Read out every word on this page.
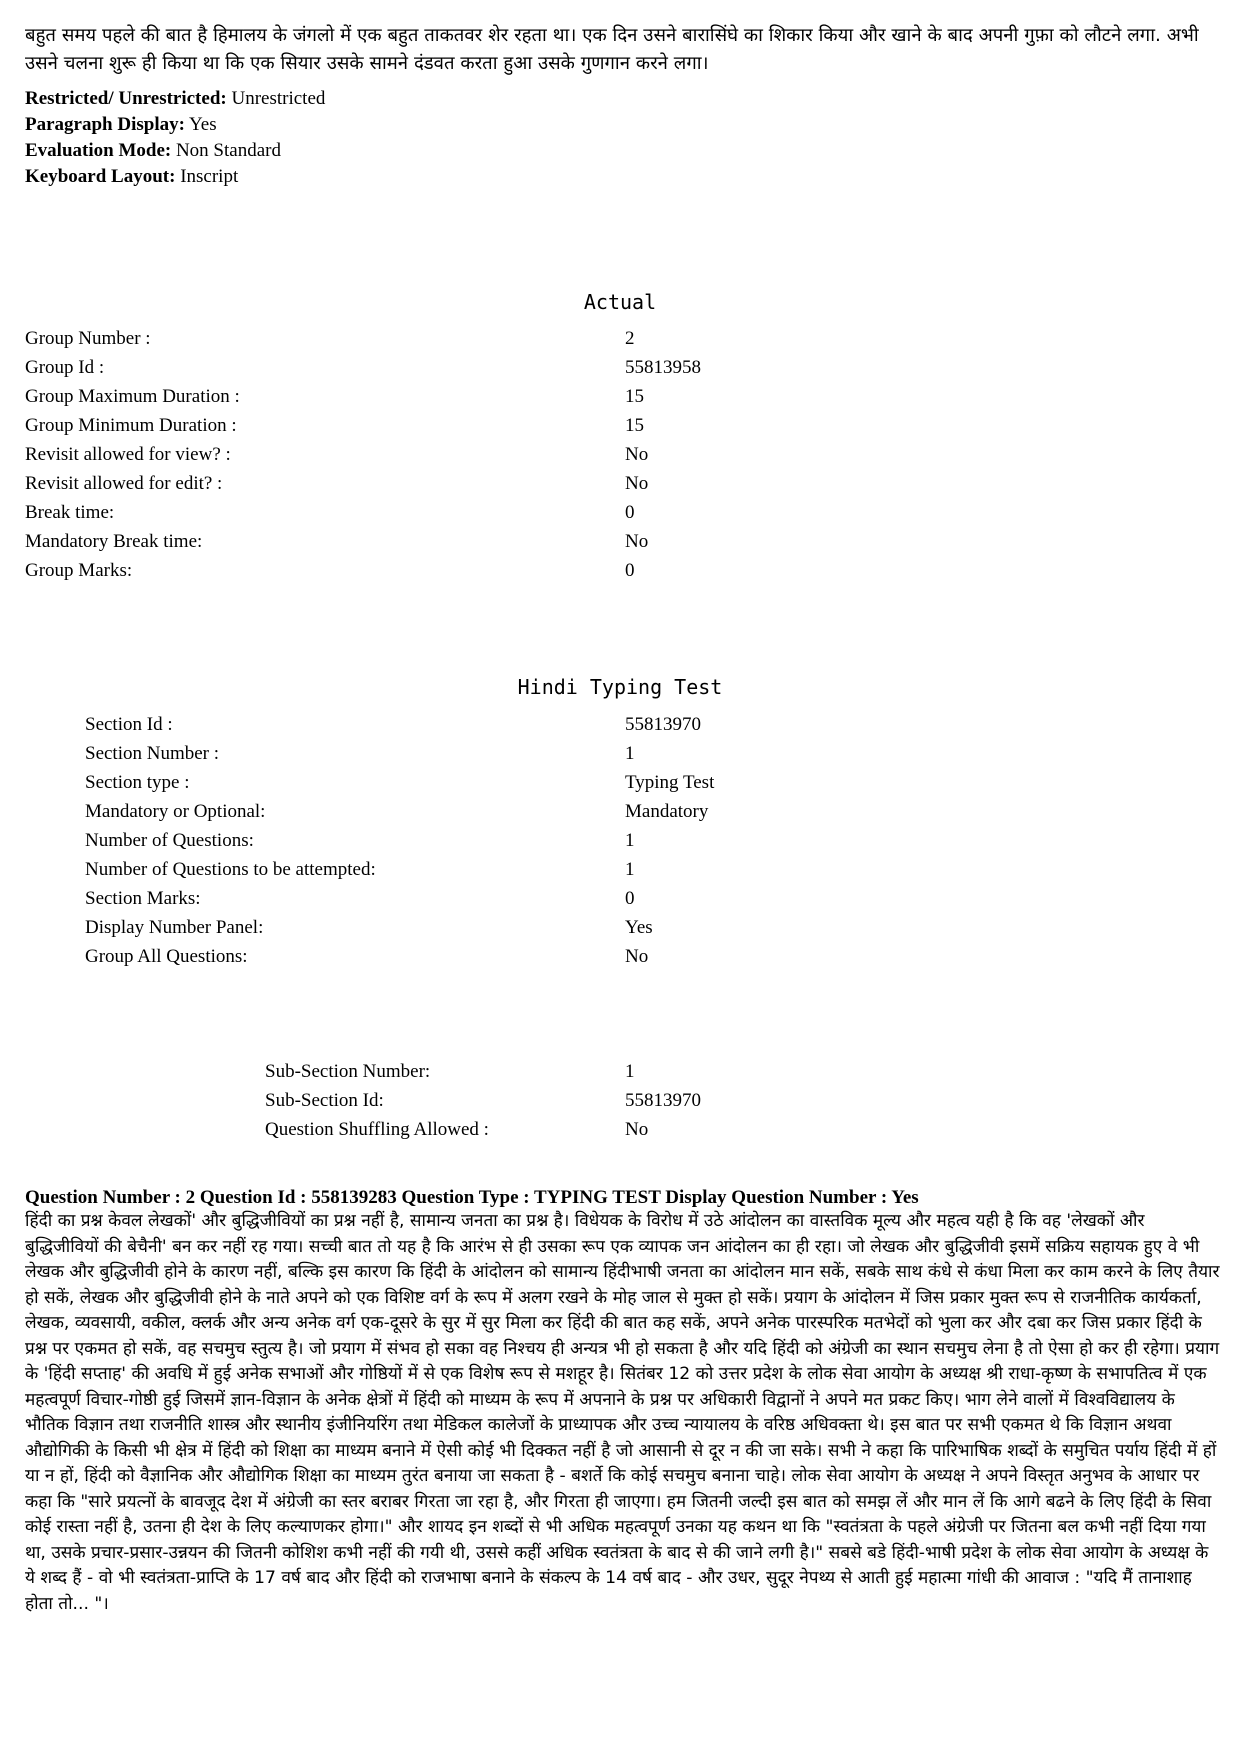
बहुत समय पहले की बात है हिमालय के जंगलो में एक बहुत ताकतवर शेर रहता था। एक दिन उसने बारासिंघे का शिकार किया और खाने के बाद अपनी गुफ़ा को लौटने लगा. अभी उसने चलना शुरू ही किया था कि एक सियार उसके सामने दंडवत करता हुआ उसके गुणगान करने लगा।

Restricted/ Unrestricted: Unrestricted
Paragraph Display: Yes
Evaluation Mode: Non Standard
Keyboard Layout: Inscript
Actual
Group Number :	2
Group Id :	55813958
Group Maximum Duration :	15
Group Minimum Duration :	15
Revisit allowed for view? :	No
Revisit allowed for edit? :	No
Break time:	0
Mandatory Break time:	No
Group Marks:	0
Hindi Typing Test
Section Id :	55813970
Section Number :	1
Section type :	Typing Test
Mandatory or Optional:	Mandatory
Number of Questions:	1
Number of Questions to be attempted:	1
Section Marks:	0
Display Number Panel:	Yes
Group All Questions:	No
Sub-Section Number:	1
Sub-Section Id:	55813970
Question Shuffling Allowed :	No
Question Number : 2 Question Id : 558139283 Question Type : TYPING TEST Display Question Number : Yes

हिंदी का प्रश्न केवल लेखकों' और बुद्धिजीवियों का प्रश्न नहीं है, सामान्य जनता का प्रश्न है। विधेयक के विरोध में उठे आंदोलन का वास्तविक मूल्य और महत्व यही है कि वह 'लेखकों और बुद्धिजीवियों की बेचैनी' बन कर नहीं रह गया। सच्ची बात तो यह है कि आरंभ से ही उसका रूप एक व्यापक जन आंदोलन का ही रहा। जो लेखक और बुद्धिजीवी इसमें सक्रिय सहायक हुए वे भी लेखक और बुद्धिजीवी होने के कारण नहीं, बल्कि इस कारण कि हिंदी के आंदोलन को सामान्य हिंदीभाषी जनता का आंदोलन मान सकें, सबके साथ कंधे से कंधा मिला कर काम करने के लिए तैयार हो सकें, लेखक और बुद्धिजीवी होने के नाते अपने को एक विशिष्ट वर्ग के रूप में अलग रखने के मोह जाल से मुक्त हो सकें। प्रयाग के आंदोलन में जिस प्रकार मुक्त रूप से राजनीतिक कार्यकर्ता, लेखक, व्यवसायी, वकील, क्लर्क और अन्य अनेक वर्ग एक-दूसरे के सुर में सुर मिला कर हिंदी की बात कह सकें, अपने अनेक पारस्परिक मतभेदों को भुला कर और दबा कर जिस प्रकार हिंदी के प्रश्न पर एकमत हो सकें, वह सचमुच स्तुत्य है। जो प्रयाग में संभव हो सका वह निश्चय ही अन्यत्र भी हो सकता है और यदि हिंदी को अंग्रेजी का स्थान सचमुच लेना है तो ऐसा हो कर ही रहेगा। प्रयाग के 'हिंदी सप्ताह' की अवधि में हुई अनेक सभाओं और गोष्ठियों में से एक विशेष रूप से मशहूर है। सितंबर 12 को उत्तर प्रदेश के लोक सेवा आयोग के अध्यक्ष श्री राधा-कृष्ण के सभापतित्व में एक महत्वपूर्ण विचार-गोष्ठी हुई जिसमें ज्ञान-विज्ञान के अनेक क्षेत्रों में हिंदी को माध्यम के रूप में अपनाने के प्रश्न पर अधिकारी विद्वानों ने अपने मत प्रकट किए। भाग लेने वालों में विश्वविद्यालय के भौतिक विज्ञान तथा राजनीति शास्त्र और स्थानीय इंजीनियरिंग तथा मेडिकल कालेजों के प्राध्यापक और उच्च न्यायालय के वरिष्ठ अधिवक्ता थे। इस बात पर सभी एकमत थे कि विज्ञान अथवा औद्योगिकी के किसी भी क्षेत्र में हिंदी को शिक्षा का माध्यम बनाने में ऐसी कोई भी दिक्कत नहीं है जो आसानी से दूर न की जा सके। सभी ने कहा कि पारिभाषिक शब्दों के समुचित पर्याय हिंदी में हों या न हों, हिंदी को वैज्ञानिक और औद्योगिक शिक्षा का माध्यम तुरंत बनाया जा सकता है - बशर्ते कि कोई सचमुच बनाना चाहे। लोक सेवा आयोग के अध्यक्ष ने अपने विस्तृत अनुभव के आधार पर कहा कि "सारे प्रयत्नों के बावजूद देश में अंग्रेजी का स्तर बराबर गिरता जा रहा है, और गिरता ही जाएगा। हम जितनी जल्दी इस बात को समझ लें और मान लें कि आगे बढने के लिए हिंदी के सिवा कोई रास्ता नहीं है, उतना ही देश के लिए कल्याणकर होगा।" और शायद इन शब्दों से भी अधिक महत्वपूर्ण उनका यह कथन था कि "स्वतंत्रता के पहले अंग्रेजी पर जितना बल कभी नहीं दिया गया था, उसके प्रचार-प्रसार-उन्नयन की जितनी कोशिश कभी नहीं की गयी थी, उससे कहीं अधिक स्वतंत्रता के बाद से की जाने लगी है।" सबसे बडे हिंदी-भाषी प्रदेश के लोक सेवा आयोग के अध्यक्ष के ये शब्द हैं - वो भी स्वतंत्रता-प्राप्ति के 17 वर्ष बाद और हिंदी को राजभाषा बनाने के संकल्प के 14 वर्ष बाद - और उधर, सुदूर नेपथ्य से आती हुई महात्मा गांधी की आवाज : "यदि मैं तानाशाह होता तो... "।
